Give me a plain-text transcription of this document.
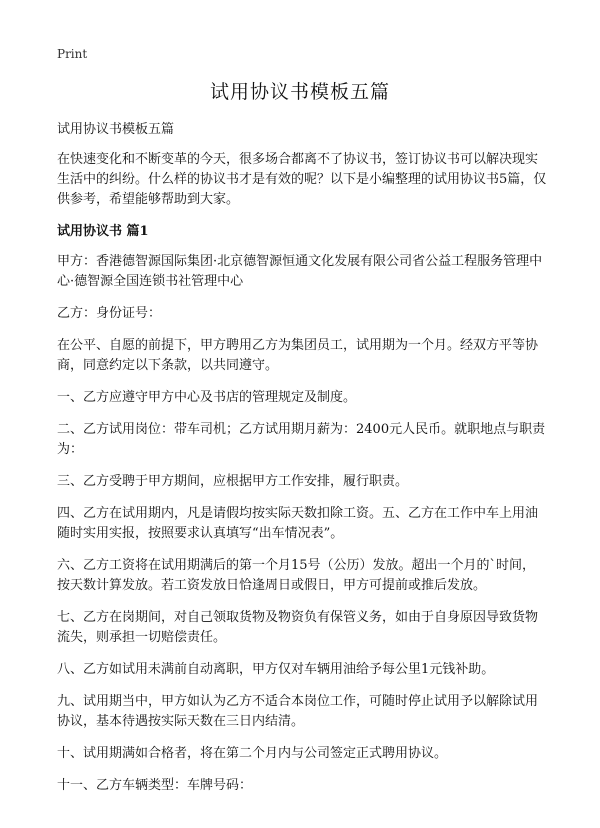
Print
试用协议书模板五篇

试用协议书模板五篇

在快速变化和不断变革的今天，很多场合都离不了协议书，签订协议书可以解决现实生活中的纠纷。什么样的协议书才是有效的呢？以下是小编整理的试用协议书5篇，仅供参考，希望能够帮助到大家。

试用协议书 篇1

甲方：香港德智源国际集团·北京德智源恒通文化发展有限公司省公益工程服务管理中心·德智源全国连锁书社管理中心

乙方：身份证号：

在公平、自愿的前提下，甲方聘用乙方为集团员工，试用期为一个月。经双方平等协商，同意约定以下条款，以共同遵守。

一、乙方应遵守甲方中心及书店的管理规定及制度。

二、乙方试用岗位：带车司机；乙方试用期月薪为：2400元人民币。就职地点与职责为：

三、乙方受聘于甲方期间，应根据甲方工作安排，履行职责。

四、乙方在试用期内，凡是请假均按实际天数扣除工资。五、乙方在工作中车上用油随时实用实报，按照要求认真填写“出车情况表”。

六、乙方工资将在试用期满后的第一个月15号（公历）发放。超出一个月的`时间，按天数计算发放。若工资发放日恰逢周日或假日，甲方可提前或推后发放。

七、乙方在岗期间，对自己领取货物及物资负有保管义务，如由于自身原因导致货物流失，则承担一切赔偿责任。

八、乙方如试用未满前自动离职，甲方仅对车辆用油给予每公里1元钱补助。

九、试用期当中，甲方如认为乙方不适合本岗位工作，可随时停止试用予以解除试用协议，基本待遇按实际天数在三日内结清。

十、试用期满如合格者，将在第二个月内与公司签定正式聘用协议。

十一、乙方车辆类型：车牌号码：
